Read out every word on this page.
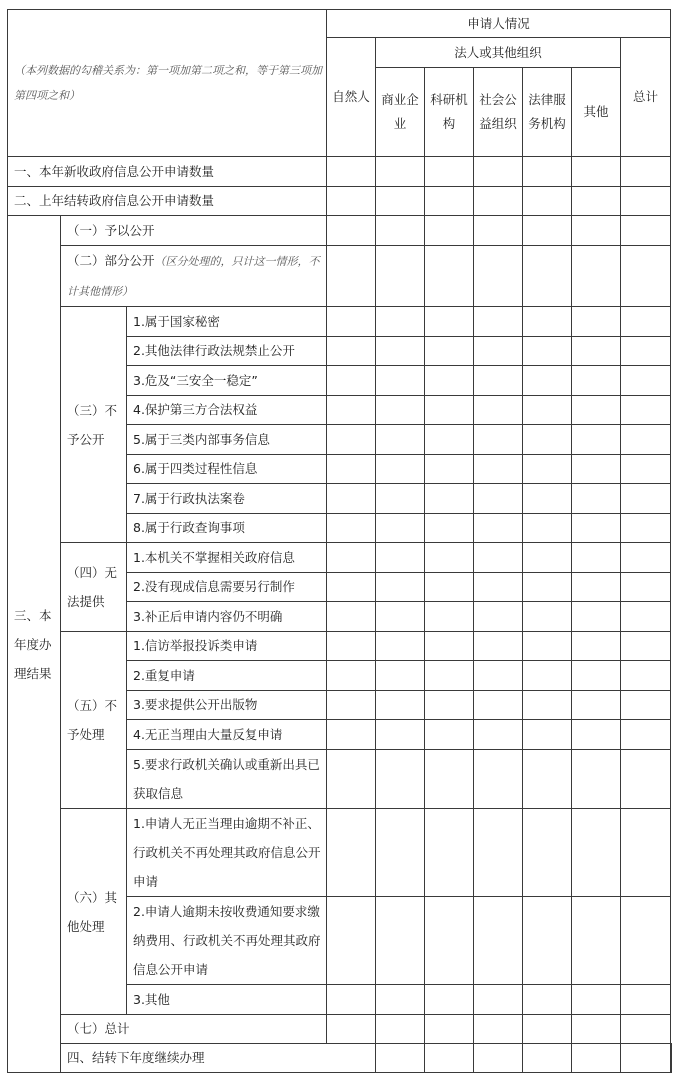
（本列数据的勾稽关系为：第一项加第二项之和，等于第三项加第四项之和）			申请人情况							
			自然人	法人或其他组织					总计	
				商业企业	科研机构	社会公益组织	法律服务机构	其他		
一、本年新收政府信息公开申请数量										
二、上年结转政府信息公开申请数量										
三、本年度办理结果	（一）予以公开									
	（二）部分公开（区分处理的，只计这一情形，不计其他情形）									
	（三）不予公开	1.属于国家秘密								
		2.其他法律行政法规禁止公开								
		3.危及“三安全一稳定”								
		4.保护第三方合法权益								
		5.属于三类内部事务信息								
		6.属于四类过程性信息								
		7.属于行政执法案卷								
		8.属于行政查询事项								
	（四）无法提供	1.本机关不掌握相关政府信息								
		2.没有现成信息需要另行制作								
		3.补正后申请内容仍不明确								
	（五）不予处理	1.信访举报投诉类申请								
		2.重复申请								
		3.要求提供公开出版物								
		4.无正当理由大量反复申请								
		5.要求行政机关确认或重新出具已获取信息								
	（六）其他处理	1.申请人无正当理由逾期不补正、行政机关不再处理其政府信息公开申请								
		2.申请人逾期未按收费通知要求缴纳费用、行政机关不再处理其政府信息公开申请								
		3.其他								
	（七）总计									
	四、结转下年度继续办理									
